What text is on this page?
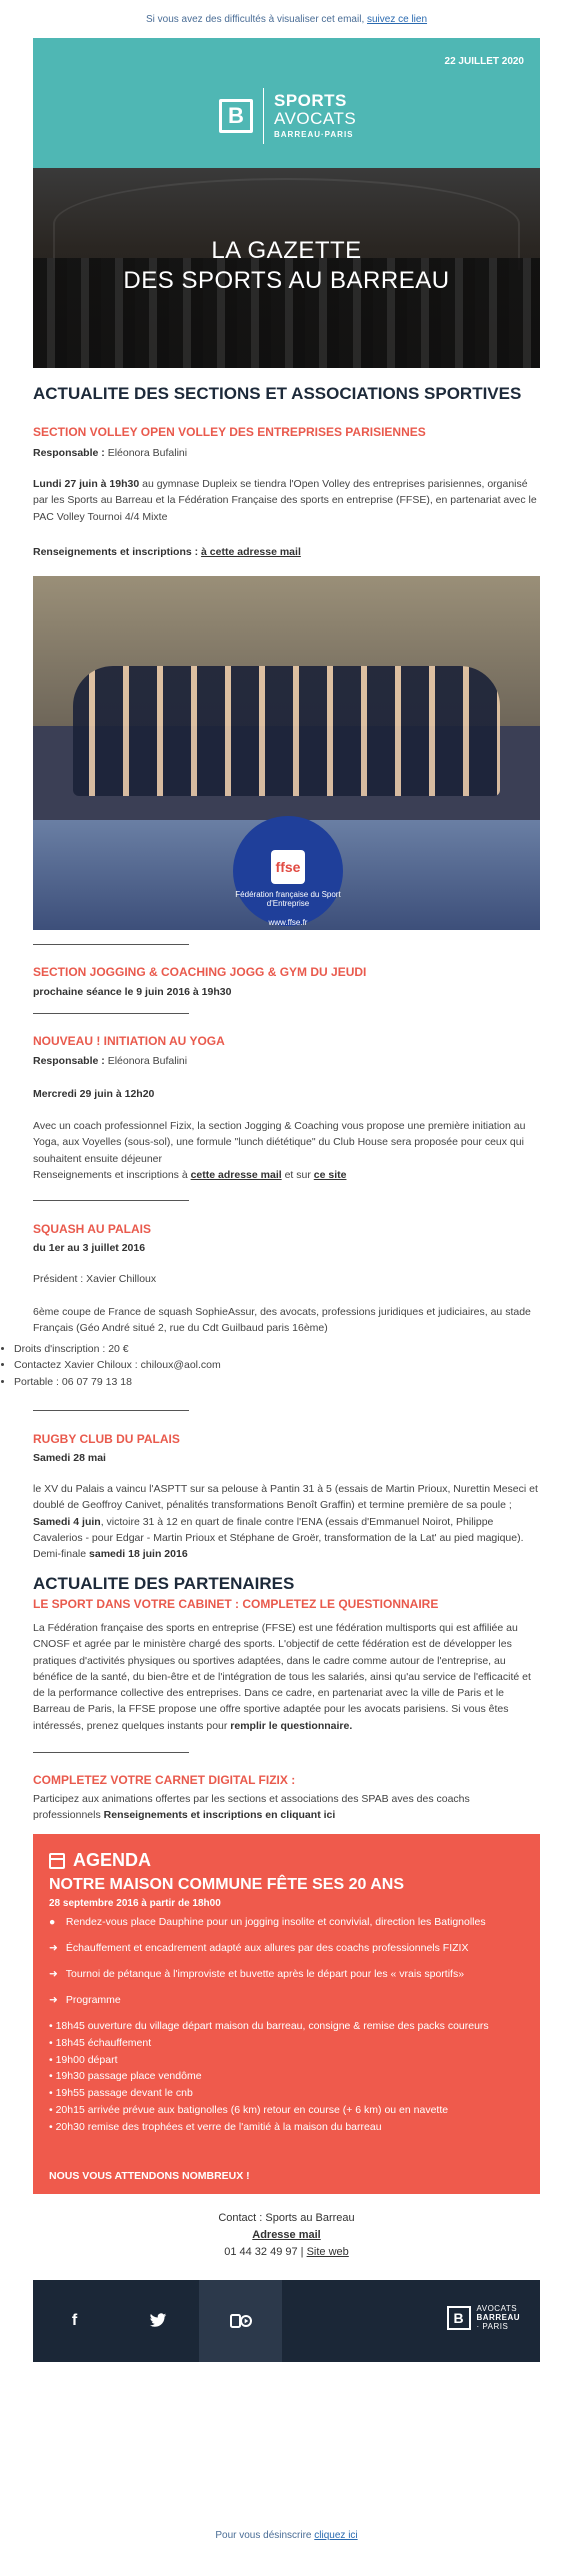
Si vous avez des difficultés à visualiser cet email, suivez ce lien
22 JUILLET 2020
B
SPORTS
AVOCATS
BARREAU·PARIS
LA GAZETTE
DES SPORTS AU BARREAU
ACTUALITE DES SECTIONS ET ASSOCIATIONS SPORTIVES
SECTION VOLLEY OPEN VOLLEY DES ENTREPRISES PARISIENNES
Responsable : Eléonora Bufalini
Lundi 27 juin à 19h30 au gymnase Dupleix se tiendra l'Open Volley des entreprises parisiennes, organisé par les Sports au Barreau et la Fédération Française des sports en entreprise (FFSE), en partenariat avec le PAC Volley Tournoi 4/4 Mixte
Renseignements et inscriptions : à cette adresse mail
ffse
Fédération française du Sport d'Entreprise
www.ffse.fr
SECTION JOGGING & COACHING JOGG & GYM DU JEUDI
prochaine séance le 9 juin 2016 à 19h30
NOUVEAU ! INITIATION AU YOGA
Responsable : Eléonora Bufalini
Mercredi 29 juin à 12h20
Avec un coach professionnel Fizix, la section Jogging & Coaching vous propose une première initiation au Yoga, aux Voyelles (sous-sol), une formule "lunch diététique" du Club House sera proposée pour ceux qui souhaitent ensuite déjeuner
Renseignements et inscriptions à cette adresse mail et sur ce site
SQUASH AU PALAIS
du 1er au 3 juillet 2016
Président : Xavier Chilloux
6ème coupe de France de squash SophieAssur, des avocats, professions juridiques et judiciaires, au stade Français (Géo André situé 2, rue du Cdt Guilbaud paris 16ème)
• Droits d'inscription : 20 €
• Contactez Xavier Chiloux : chiloux@aol.com
• Portable : 06 07 79 13 18
RUGBY CLUB DU PALAIS
Samedi 28 mai
le XV du Palais a vaincu l'ASPTT sur sa pelouse à Pantin 31 à 5 (essais de Martin Prioux, Nurettin Meseci et doublé de Geoffroy Canivet, pénalités transformations Benoît Graffin) et termine première de sa poule ; Samedi 4 juin, victoire 31 à 12 en quart de finale contre l'ENA (essais d'Emmanuel Noirot, Philippe Cavalerios - pour Edgar - Martin Prioux et Stéphane de Groër, transformation de la Lat' au pied magique). Demi-finale samedi 18 juin 2016
ACTUALITE DES PARTENAIRES
LE SPORT DANS VOTRE CABINET : COMPLETEZ LE QUESTIONNAIRE
La Fédération française des sports en entreprise (FFSE) est une fédération multisports qui est affiliée au CNOSF et agrée par le ministère chargé des sports. L'objectif de cette fédération est de développer les pratiques d'activités physiques ou sportives adaptées, dans le cadre comme autour de l'entreprise, au bénéfice de la santé, du bien-être et de l'intégration de tous les salariés, ainsi qu'au service de l'efficacité et de la performance collective des entreprises. Dans ce cadre, en partenariat avec la ville de Paris et le Barreau de Paris, la FFSE propose une offre sportive adaptée pour les avocats parisiens. Si vous êtes intéressés, prenez quelques instants pour remplir le questionnaire.
COMPLETEZ VOTRE CARNET DIGITAL FIZIX :
Participez aux animations offertes par les sections et associations des SPAB aves des coachs professionnels Renseignements et inscriptions en cliquant ici
AGENDA
NOTRE MAISON COMMUNE FÊTE SES 20 ANS
28 septembre 2016 à partir de 18h00
● Rendez-vous place Dauphine pour un jogging insolite et convivial, direction les Batignolles
➜ Échauffement et encadrement adapté aux allures par des coachs professionnels FIZIX
➜ Tournoi de pétanque à l'improviste et buvette après le départ pour les « vrais sportifs»
➜ Programme
• 18h45 ouverture du village départ maison du barreau, consigne & remise des packs coureurs
• 18h45 échauffement
• 19h00 départ
• 19h30 passage place vendôme
• 19h55 passage devant le cnb
• 20h15 arrivée prévue aux batignolles (6 km) retour en course (+ 6 km) ou en navette
• 20h30 remise des trophées et verre de l'amitié à la maison du barreau
NOUS VOUS ATTENDONS NOMBREUX !
Contact : Sports au Barreau
Adresse mail
01 44 32 49 97 | Site web
f	B
AVOCATS
BARREAU
· PARIS
Pour vous désinscrire cliquez ici
